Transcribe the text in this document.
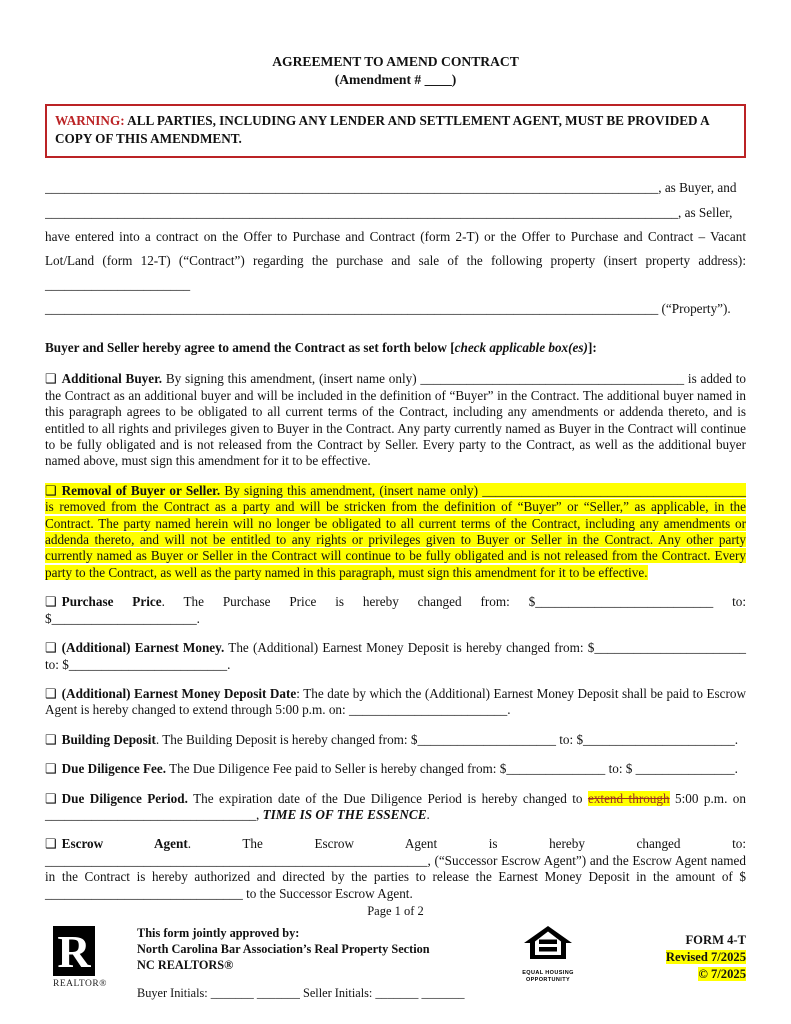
AGREEMENT TO AMEND CONTRACT
(Amendment # ____)
WARNING: ALL PARTIES, INCLUDING ANY LENDER AND SETTLEMENT AGENT, MUST BE PROVIDED A COPY OF THIS AMENDMENT.
_____________________________________________________________________________________________, as Buyer, and
________________________________________________________________________________________________, as Seller,
have entered into a contract on the Offer to Purchase and Contract (form 2-T) or the Offer to Purchase and Contract – Vacant Lot/Land (form 12-T) (“Contract”) regarding the purchase and sale of the following property (insert property address): ______________________ _____________________________________________________________________________________________ (“Property”).
Buyer and Seller hereby agree to amend the Contract as set forth below [check applicable box(es)]:
❑ Additional Buyer. By signing this amendment, (insert name only) ________________________________________ is added to the Contract as an additional buyer and will be included in the definition of “Buyer” in the Contract. The additional buyer named in this paragraph agrees to be obligated to all current terms of the Contract, including any amendments or addenda thereto, and is entitled to all rights and privileges given to Buyer in the Contract. Any party currently named as Buyer in the Contract will continue to be fully obligated and is not released from the Contract by Seller. Every party to the Contract, as well as the additional buyer named above, must sign this amendment for it to be effective.
❑ Removal of Buyer or Seller. By signing this amendment, (insert name only) ________________________________________ is removed from the Contract as a party and will be stricken from the definition of “Buyer” or “Seller,” as applicable, in the Contract. The party named herein will no longer be obligated to all current terms of the Contract, including any amendments or addenda thereto, and will not be entitled to any rights or privileges given to Buyer or Seller in the Contract. Any other party currently named as Buyer or Seller in the Contract will continue to be fully obligated and is not released from the Contract. Every party to the Contract, as well as the party named in this paragraph, must sign this amendment for it to be effective.
❑ Purchase Price. The Purchase Price is hereby changed from: $___________________________ to: $______________________.
❑ (Additional) Earnest Money. The (Additional) Earnest Money Deposit is hereby changed from: $_______________________ to: $________________________.
❑ (Additional) Earnest Money Deposit Date: The date by which the (Additional) Earnest Money Deposit shall be paid to Escrow Agent is hereby changed to extend through 5:00 p.m. on: ________________________.
❑ Building Deposit. The Building Deposit is hereby changed from: $_____________________ to: $_______________________.
❑ Due Diligence Fee. The Due Diligence Fee paid to Seller is hereby changed from: $_______________ to: $ _______________.
❑ Due Diligence Period. The expiration date of the Due Diligence Period is hereby changed to extend through 5:00 p.m. on ________________________________, TIME IS OF THE ESSENCE.
❑ Escrow Agent. The Escrow Agent is hereby changed to: __________________________________________________________, (“Successor Escrow Agent”) and the Escrow Agent named in the Contract is hereby authorized and directed by the parties to release the Earnest Money Deposit in the amount of $ ______________________________ to the Successor Escrow Agent.
Page 1 of 2
R
REALTOR®
This form jointly approved by:
North Carolina Bar Association’s Real Property Section
NC REALTORS®
Buyer Initials: _______ _______ Seller Initials: _______ _______
EQUAL HOUSING
OPPORTUNITY
FORM 4-T
Revised 7/2025
© 7/2025
